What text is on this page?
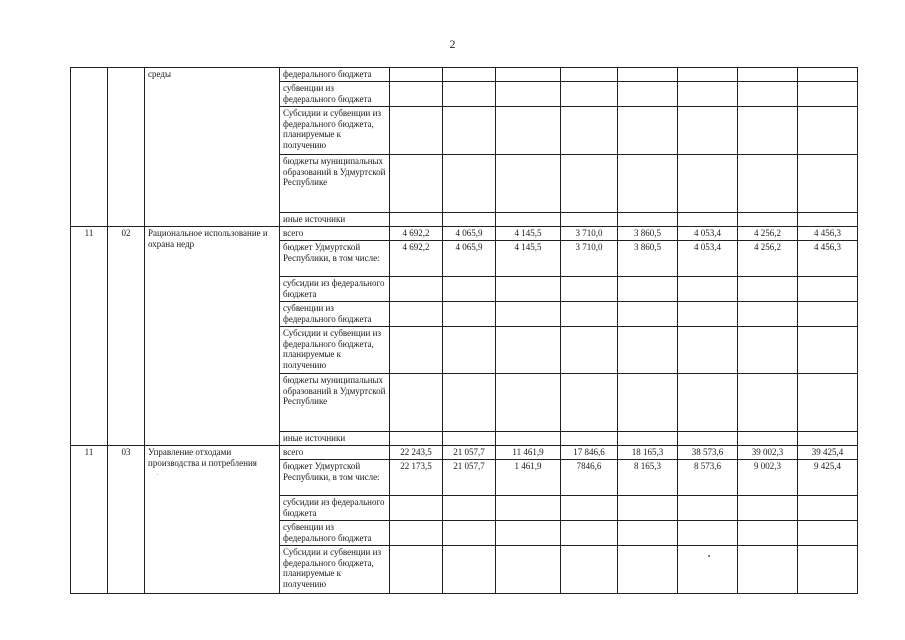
2
		среды	федерального бюджета								
			субвенции из федерального бюджета								
			Субсидии и субвенции из федерального бюджета, планируемые к получению								
			бюджеты муниципальных образований в Удмуртской Республике								
			иные источники								
11	02	Рациональное использование и охрана недр	всего	4 692,2	4 065,9	4 145,5	3 710,0	3 860,5	4 053,4	4 256,2	4 456,3
			бюджет Удмуртской Республики, в том числе:	4 692,2	4 065,9	4 145,5	3 710,0	3 860,5	4 053,4	4 256,2	4 456,3
			субсидии из федерального бюджета								
			субвенции из федерального бюджета								
			Субсидии и субвенции из федерального бюджета, планируемые к получению								
			бюджеты муниципальных образований в Удмуртской Республике								
			иные источники								
11	03	Управление отходами производства и потребления	всего	22 243,5	21 057,7	11 461,9	17 846,6	18 165,3	38 573,6	39 002,3	39 425,4
			бюджет Удмуртской Республики, в том числе:	22 173,5	21 057,7	1 461,9	7846,6	8 165,3	8 573,6	9 002,3	9 425,4
			субсидии из федерального бюджета								
			субвенции из федерального бюджета								
			Субсидии и субвенции из федерального бюджета, планируемые к получению								
